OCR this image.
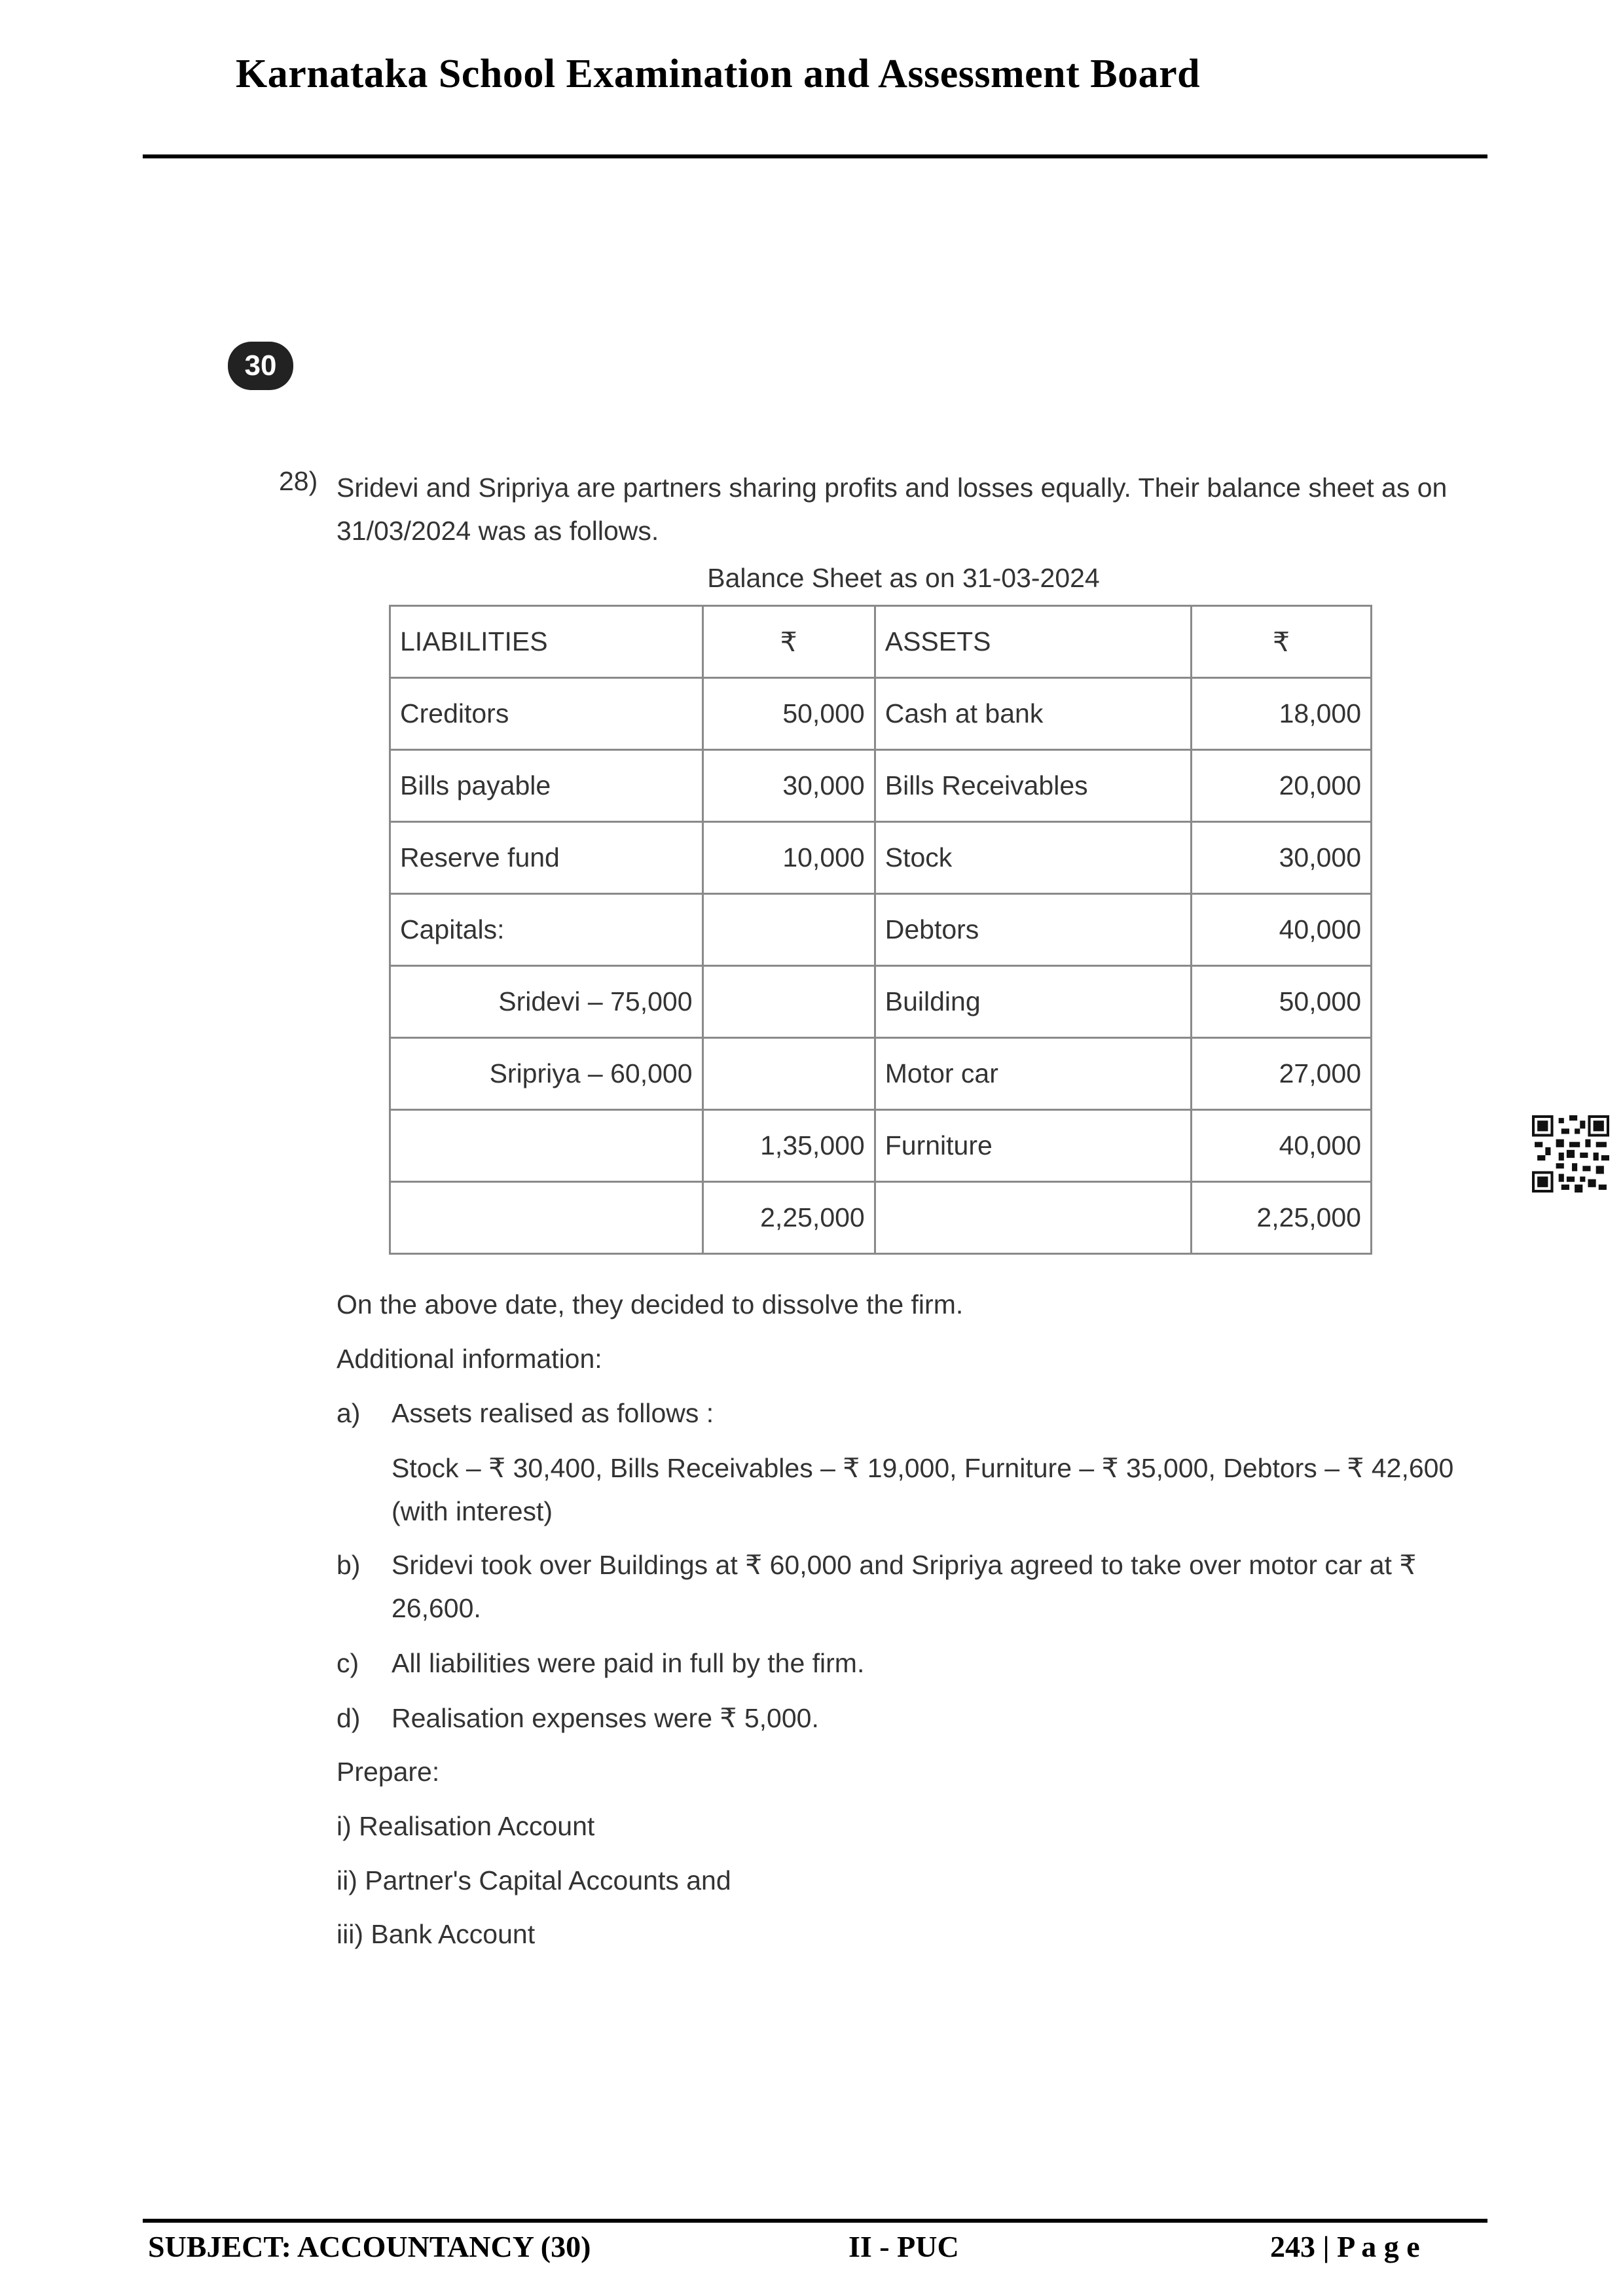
Karnataka School Examination and Assessment Board
30
28) Sridevi and Sripriya are partners sharing profits and losses equally. Their balance sheet as on 31/03/2024 was as follows.
Balance Sheet as on 31-03-2024
LIABILITIES	₹	ASSETS	₹
Creditors	50,000	Cash at bank	18,000
Bills payable	30,000	Bills Receivables	20,000
Reserve fund	10,000	Stock	30,000
Capitals:		Debtors	40,000
Sridevi – 75,000		Building	50,000
Sripriya – 60,000		Motor car	27,000
	1,35,000	Furniture	40,000
	2,25,000		2,25,000
On the above date, they decided to dissolve the firm.
Additional information:
a) Assets realised as follows :
Stock – ₹ 30,400, Bills Receivables – ₹ 19,000, Furniture – ₹ 35,000, Debtors – ₹ 42,600 (with interest)
b) Sridevi took over Buildings at ₹ 60,000 and Sripriya agreed to take over motor car at ₹ 26,600.
c) All liabilities were paid in full by the firm.
d) Realisation expenses were ₹ 5,000.
Prepare:
i) Realisation Account
ii) Partner's Capital Accounts and
iii) Bank Account
SUBJECT: ACCOUNTANCY (30)	II - PUC	243 | P a g e
